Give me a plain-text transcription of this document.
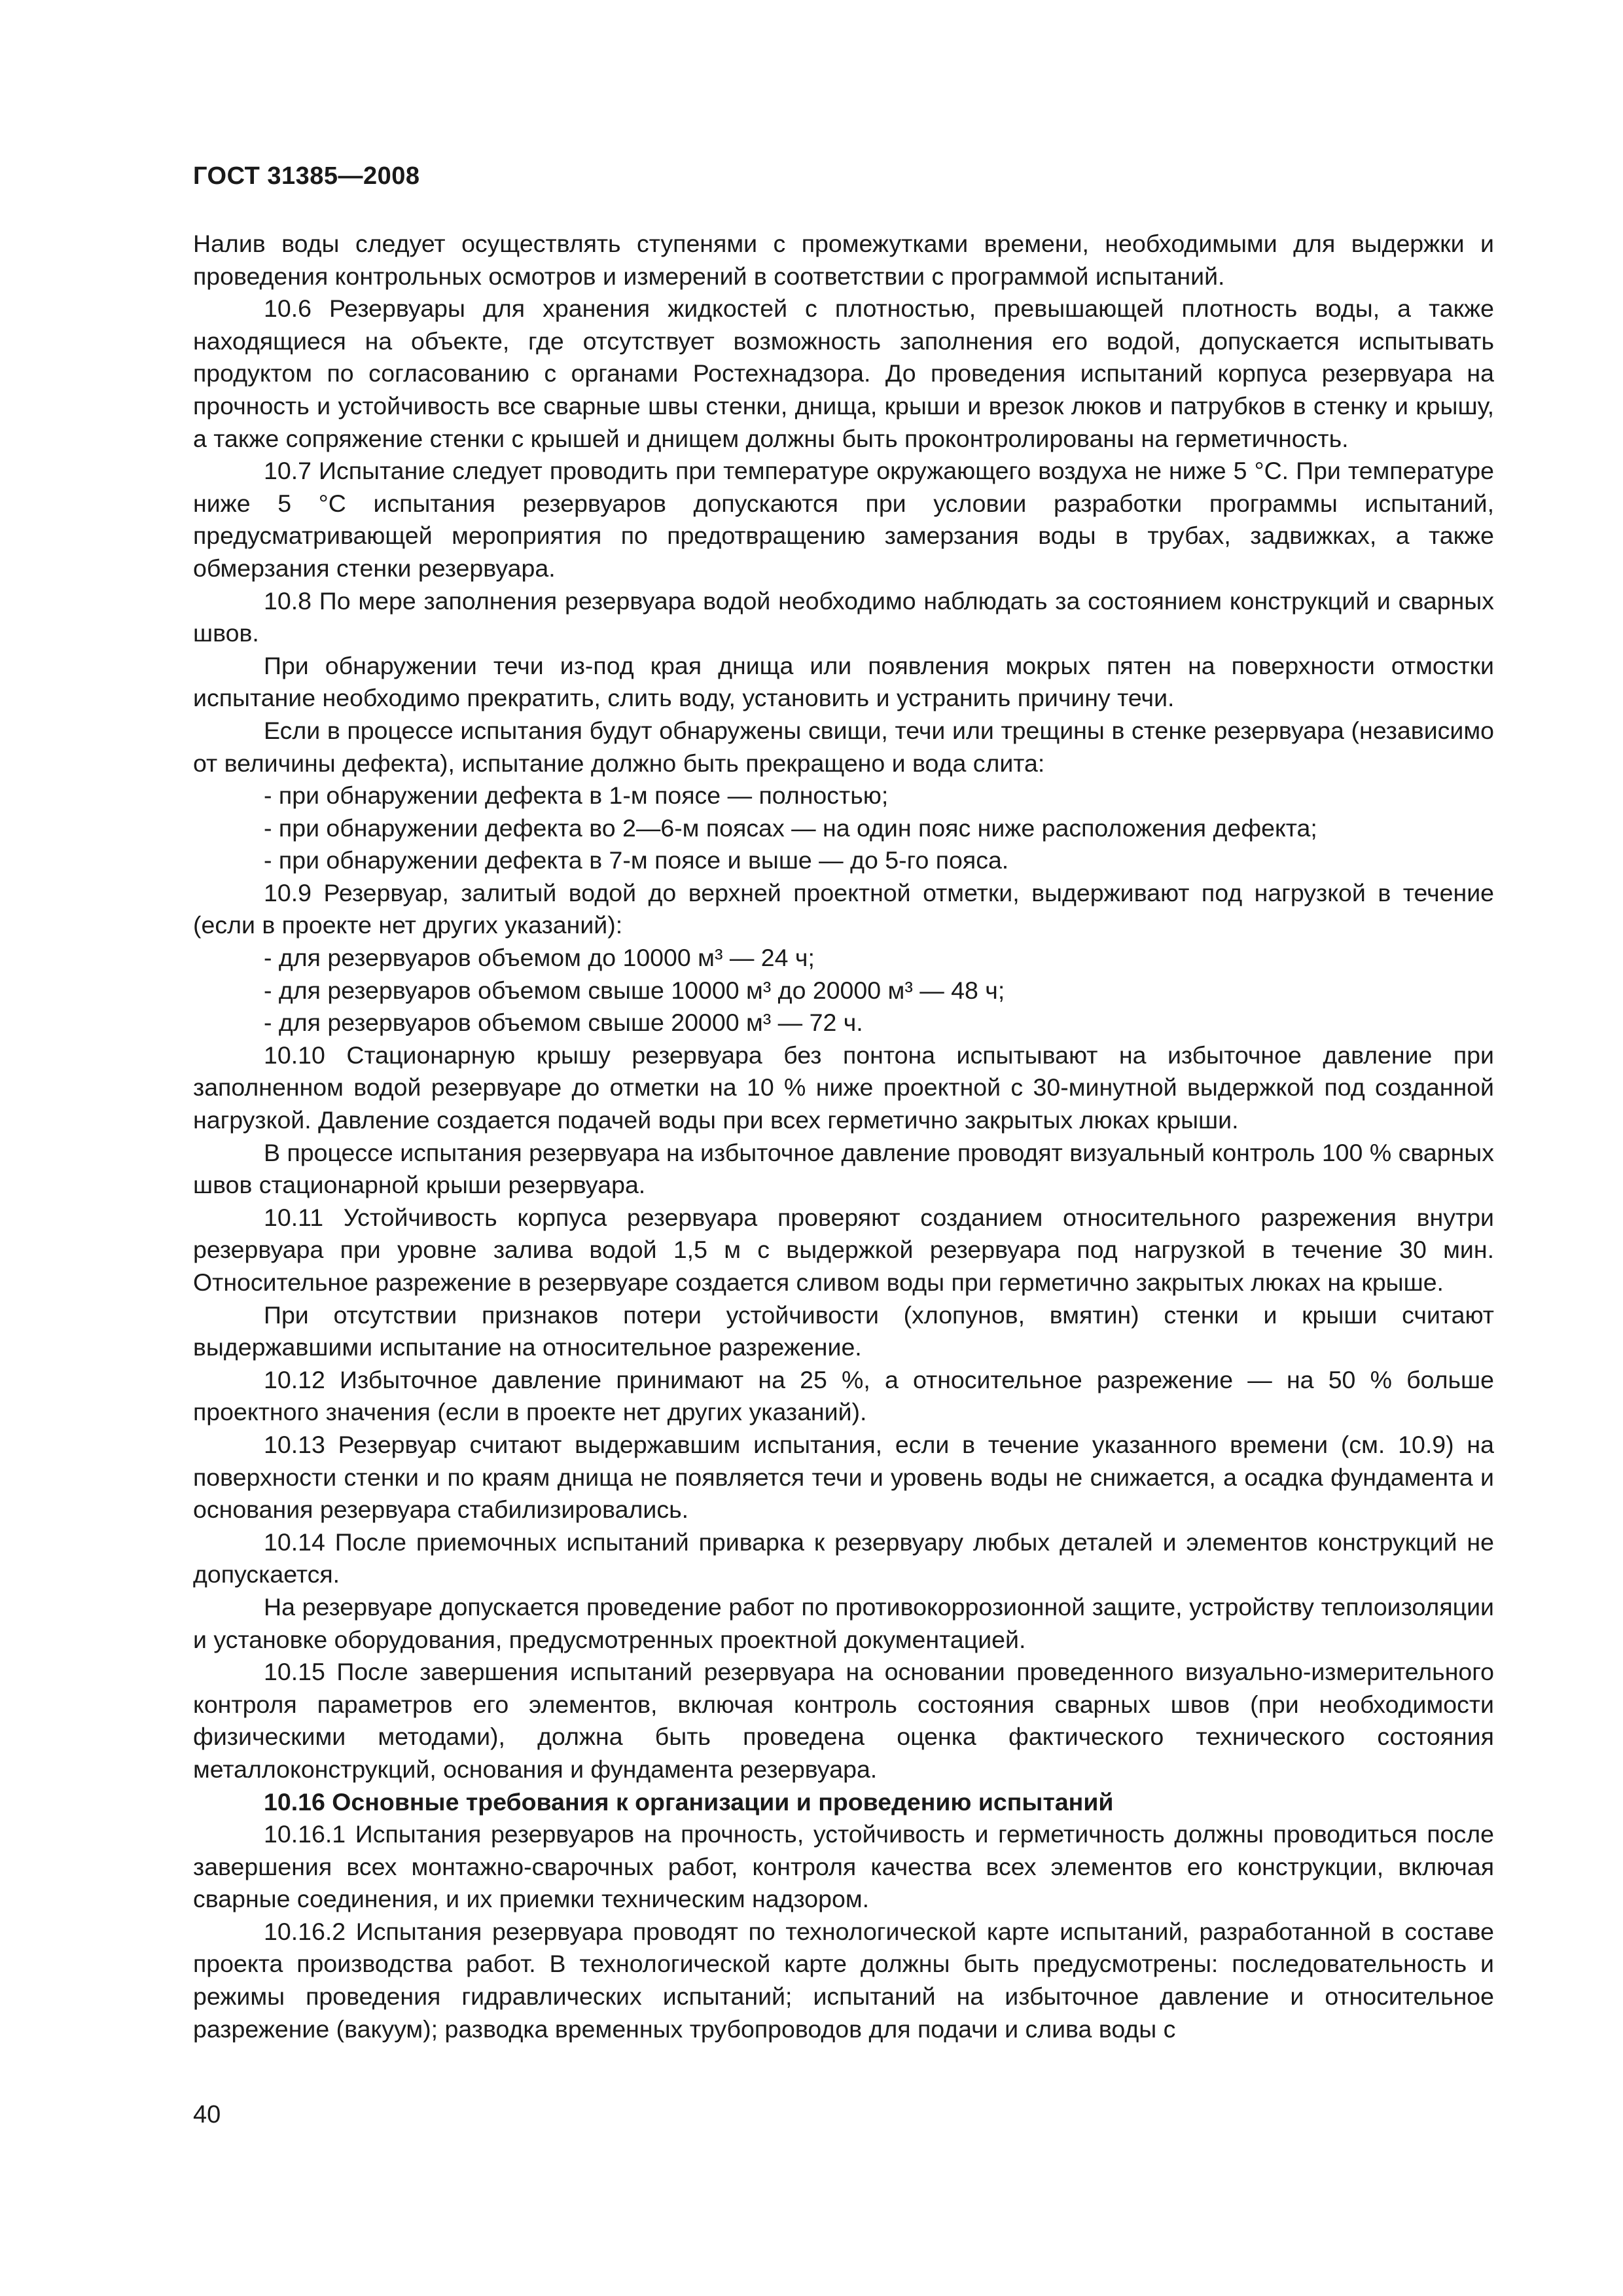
ГОСТ 31385—2008

Налив воды следует осуществлять ступенями с промежутками времени, необходимыми для выдержки и проведения контрольных осмотров и измерений в соответствии с программой испытаний.

10.6 Резервуары для хранения жидкостей с плотностью, превышающей плотность воды, а также находящиеся на объекте, где отсутствует возможность заполнения его водой, допускается испытывать продуктом по согласованию с органами Ростехнадзора. До проведения испытаний корпуса резервуара на прочность и устойчивость все сварные швы стенки, днища, крыши и врезок люков и патрубков в стенку и крышу, а также сопряжение стенки с крышей и днищем должны быть проконтролированы на герметичность.

10.7 Испытание следует проводить при температуре окружающего воздуха не ниже 5 °С. При температуре ниже 5 °С испытания резервуаров допускаются при условии разработки программы испытаний, предусматривающей мероприятия по предотвращению замерзания воды в трубах, задвижках, а также обмерзания стенки резервуара.

10.8 По мере заполнения резервуара водой необходимо наблюдать за состоянием конструкций и сварных швов.

При обнаружении течи из-под края днища или появления мокрых пятен на поверхности отмостки испытание необходимо прекратить, слить воду, установить и устранить причину течи.

Если в процессе испытания будут обнаружены свищи, течи или трещины в стенке резервуара (независимо от величины дефекта), испытание должно быть прекращено и вода слита:

- при обнаружении дефекта в 1-м поясе — полностью;

- при обнаружении дефекта во 2—6-м поясах — на один пояс ниже расположения дефекта;

- при обнаружении дефекта в 7-м поясе и выше — до 5-го пояса.

10.9 Резервуар, залитый водой до верхней проектной отметки, выдерживают под нагрузкой в течение (если в проекте нет других указаний):

- для резервуаров объемом до 10000 м³ — 24 ч;

- для резервуаров объемом свыше 10000 м³ до 20000 м³ — 48 ч;

- для резервуаров объемом свыше 20000 м³ — 72 ч.

10.10 Стационарную крышу резервуара без понтона испытывают на избыточное давление при заполненном водой резервуаре до отметки на 10 % ниже проектной с 30-минутной выдержкой под созданной нагрузкой. Давление создается подачей воды при всех герметично закрытых люках крыши.

В процессе испытания резервуара на избыточное давление проводят визуальный контроль 100 % сварных швов стационарной крыши резервуара.

10.11 Устойчивость корпуса резервуара проверяют созданием относительного разрежения внутри резервуара при уровне залива водой 1,5 м с выдержкой резервуара под нагрузкой в течение 30 мин. Относительное разрежение в резервуаре создается сливом воды при герметично закрытых люках на крыше.

При отсутствии признаков потери устойчивости (хлопунов, вмятин) стенки и крыши считают выдержавшими испытание на относительное разрежение.

10.12 Избыточное давление принимают на 25 %, а относительное разрежение — на 50 % больше проектного значения (если в проекте нет других указаний).

10.13 Резервуар считают выдержавшим испытания, если в течение указанного времени (см. 10.9) на поверхности стенки и по краям днища не появляется течи и уровень воды не снижается, а осадка фундамента и основания резервуара стабилизировались.

10.14 После приемочных испытаний приварка к резервуару любых деталей и элементов конструкций не допускается.

На резервуаре допускается проведение работ по противокоррозионной защите, устройству теплоизоляции и установке оборудования, предусмотренных проектной документацией.

10.15 После завершения испытаний резервуара на основании проведенного визуально-измерительного контроля параметров его элементов, включая контроль состояния сварных швов (при необходимости физическими методами), должна быть проведена оценка фактического технического состояния металлоконструкций, основания и фундамента резервуара.

10.16 Основные требования к организации и проведению испытаний

10.16.1 Испытания резервуаров на прочность, устойчивость и герметичность должны проводиться после завершения всех монтажно-сварочных работ, контроля качества всех элементов его конструкции, включая сварные соединения, и их приемки техническим надзором.

10.16.2 Испытания резервуара проводят по технологической карте испытаний, разработанной в составе проекта производства работ. В технологической карте должны быть предусмотрены: последовательность и режимы проведения гидравлических испытаний; испытаний на избыточное давление и относительное разрежение (вакуум); разводка временных трубопроводов для подачи и слива воды с

40
